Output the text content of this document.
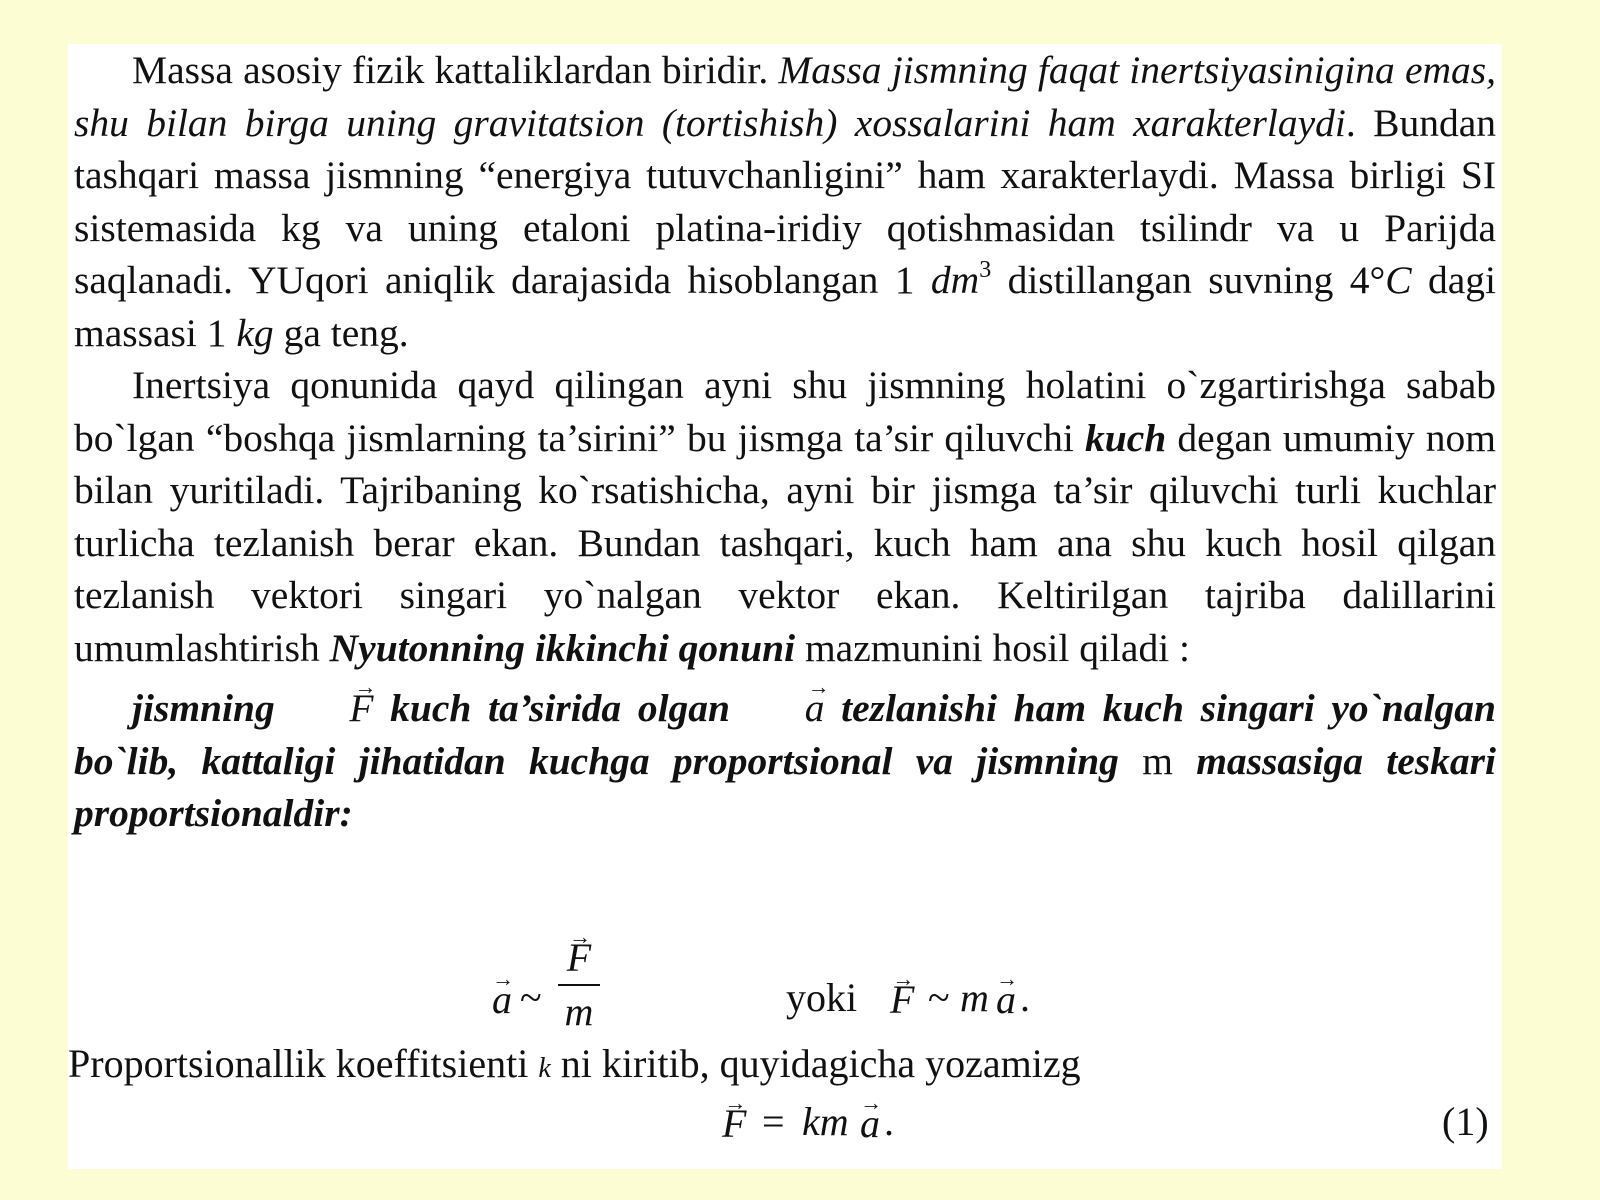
Massa asosiy fizik kattaliklardan biridir. Massa jismning faqat inertsiyasinigina emas, shu bilan birga uning gravitatsion (tortishish) xossalarini ham xarakterlaydi. Bundan tashqari massa jismning “energiya tutuvchanligini” ham xarakterlaydi. Massa birligi SI sistemasida kg va uning etaloni platina-iridiy qotishmasidan tsilindr va u Parijda saqlanadi. YUqori aniqlik darajasida hisoblangan 1 $dm^3$ distillangan suvning 4°C dagi massasi 1 kg ga teng.

Inertsiya qonunida qayd qilingan ayni shu jismning holatini o`zgartirishga sabab bo`lgan “boshqa jismlarning ta’sirini” bu jismga ta’sir qiluvchi kuch degan umumiy nom bilan yuritiladi. Tajribaning ko`rsatishicha, ayni bir jismga ta’sir qiluvchi turli kuchlar turlicha tezlanish berar ekan. Bundan tashqari, kuch ham ana shu kuch hosil qilgan tezlanish vektori singari yo`nalgan vektor ekan. Keltirilgan tajriba dalillarini umumlashtirish Nyutonning ikkinchi qonuni mazmunini hosil qiladi :

jismning → F kuch ta’sirida olgan → a tezlanishi ham kuch singari yo`nalgan bo`lib, kattaligi jihatidan kuchga proportsional va jismning m massasiga teskari proportsionaldir:

→ a ~
→ F
m	yoki → F ~ m → a .
Proportsionallik koeffitsienti k ni kiritib, quyidagicha yozamizg
→ F = km → a .	(1)
